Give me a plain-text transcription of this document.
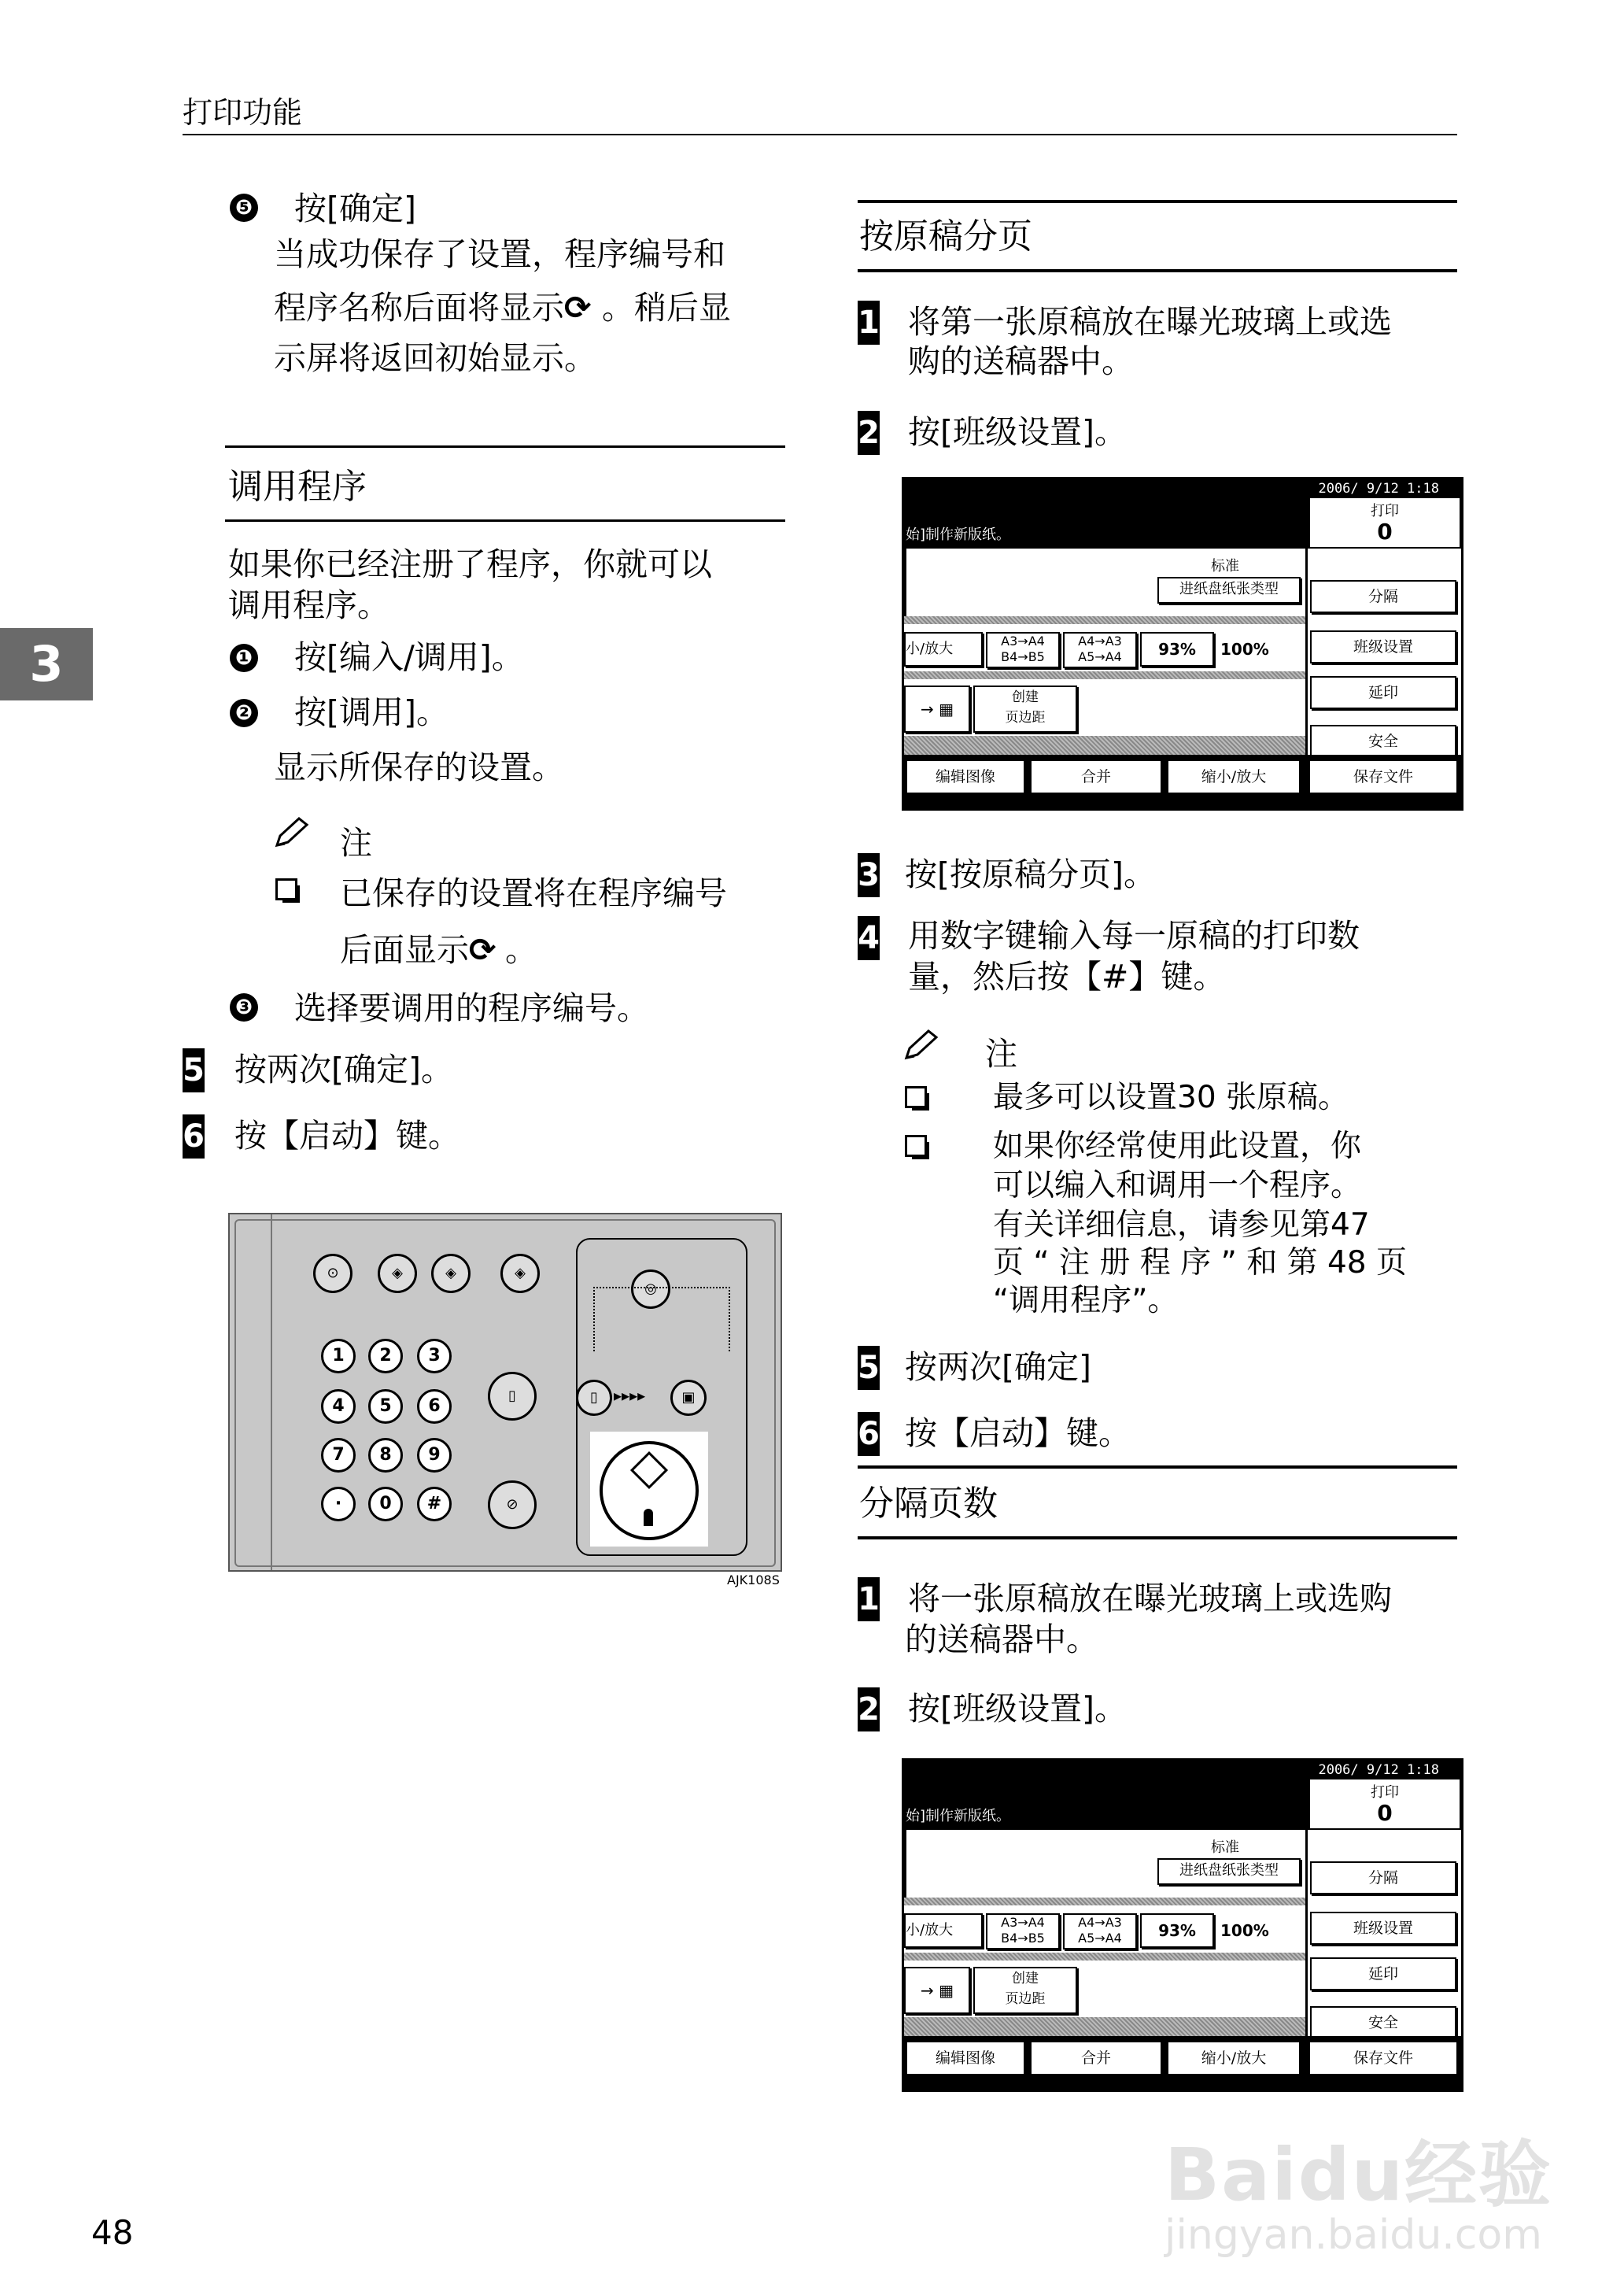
打印功能
3
❺ 按[确定]
当成功保存了设置，程序编号和
程序名称后面将显示⟳ 。稍后显
示屏将返回初始显示。
调用程序
如果你已经注册了程序，你就可以
调用程序。
❶ 按[编入/调用]。
❷ 按[调用]。
显示所保存的设置。
注
已保存的设置将在程序编号
后面显示⟳ 。
❸ 选择要调用的程序编号。
5 按两次[确定]。
6 按【启动】键。
⊙	◈	◈	◈
1	2	3
4	5	6
7	8	9
·	0	#
▯
⊘
◎
▯	▸▸▸▸	▣
AJK108S
按原稿分页
1 将第一张原稿放在曝光玻璃上或选
购的送稿器中。
2 按[班级设置]。
2006/ 9/12 1:18
始]制作新版纸。
打印
0
标准
进纸盘纸张类型
小/放大	A3→A4
B4→B5
A4→A3
A5→A4	93%	100%
→ ▦
创建
页边距
分隔
班级设置
延印
安全
编辑图像	合并	缩小/放大	保存文件
3 按[按原稿分页]。
4 用数字键输入每一原稿的打印数
量，然后按【#】键。
注
最多可以设置30 张原稿。
如果你经常使用此设置，你
可以编入和调用一个程序。
有关详细信息，请参见第47
页 “ 注 册 程 序 ” 和 第 48 页
“调用程序”。
5 按两次[确定]
6 按【启动】键。
分隔页数
1 将一张原稿放在曝光玻璃上或选购
的送稿器中。
2 按[班级设置]。
2006/ 9/12 1:18
始]制作新版纸。
打印
0
标准
进纸盘纸张类型
小/放大	A3→A4
B4→B5
A4→A3
A5→A4	93%	100%
→ ▦
创建
页边距
分隔
班级设置
延印
安全
编辑图像	合并	缩小/放大	保存文件
Baidu经验
jingyan.baidu.com
48
